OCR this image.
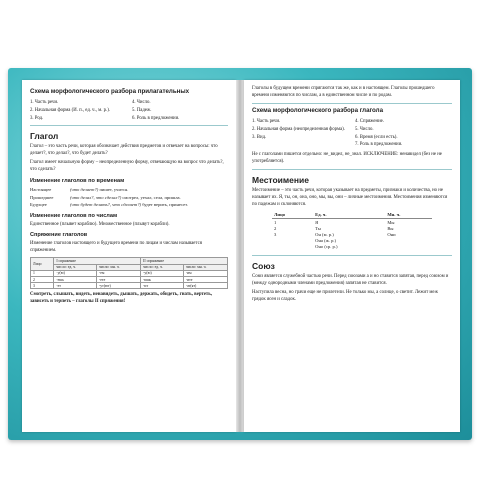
Схема морфологического разбора прилагательных
1. Часть речи.	4. Число.
2. Начальная форма (И. п., ед. ч., м. р.).	5. Падеж.
3. Род.	6. Роль в предложении.
Глагол

Глагол – это часть речи, которая обозначает действия предметов и отвечает на вопросы: что делает?, что делал?, что будет делать?

Глагол имеет начальную форму – неопределенную форму, отвечающую на вопрос что делать?, что сделать?

Изменение глаголов по временам
Настоящее	(что делает?) пишет, учится.
Прошедшее	(что делал?, что сделал?) смотрел, уехал, села, пришла.
Будущее	(что будет делать?, что сделает?) будет верить, принесет.
Изменение глаголов по числам

Единственное (плывет кораблю). Множественное (плывут корабли).

Спряжение глаголов

Изменение глаголов настоящего и будущего времени по лицам и числам называется спряжением.

Лицо	I спряжение		II спряжение	
	число: ед. ч.	число: мн. ч.	число: ед. ч.	число: мн. ч.
1	-у(ю)	-ем	-у(ю)	-им
2	-ешь	-ете	-ишь	-ите
3	-ет	-ут(ют)	-ит	-ат(ят)

Смотреть, слышать, видеть, ненавидеть, дышать, держать, обидеть, гнать, вертеть, зависеть и терпеть – глаголы II спряжения!

Глаголы в будущем времени спрягаются так же, как и в настоящем. Глаголы прошедшего времени изменяются по числам, а в единственном числе и по родам.

Схема морфологического разбора глагола
1. Часть речи.	4. Спряжение.
2. Начальная форма (неопределенная форма).	5. Число.
3. Вид.	6. Время (если есть).
7. Роль в предложении.

Не с глаголами пишется отдельно: не_видел, не_знал. ИСКЛЮЧЕНИЕ: ненавидел (без не не употребляется).

Местоимение

Местоимение – это часть речи, которая указывает на предметы, признаки и количества, но не называет их. Я, ты, он, она, оно, мы, вы, они – личные местоимения. Местоимения изменяются по падежам и склоняются.

Лицо	Ед. ч.	Мн. ч.
1	Я	Мы
2	Ты	Вы
3	Он (м. р.)	Они
	Она (ж. р.)	
	Оно (ср. р.)	
Союз

Союз является служебной частью речи. Перед союзами а и но ставится запятая, перед союзом и (между однородными членами предложения) запятая не ставится.

Наступила весна, но грачи еще не прилетели. Не только мы, а солнце, о светит. Лежит меж грядок ясен и сладок.
